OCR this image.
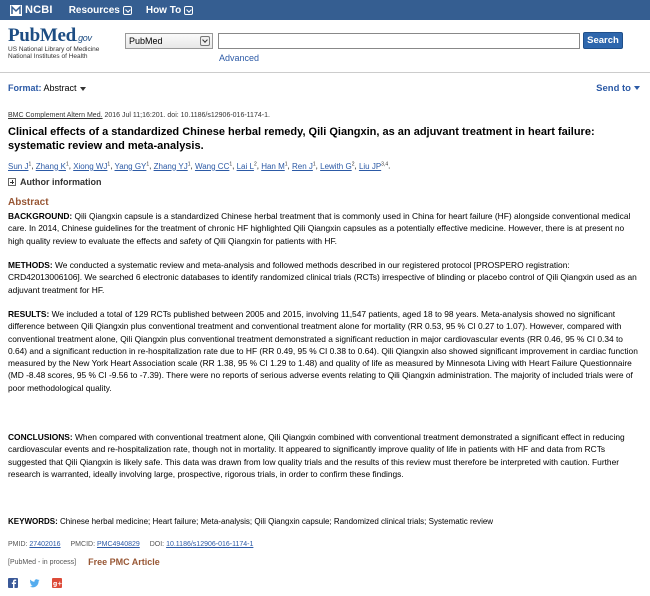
NCBI Resources	How To
PubMed.gov
US National Library of Medicine
National Institutes of Health
PubMed	Search
Advanced
Format: Abstract	Send to
BMC Complement Altern Med. 2016 Jul 11;16:201. doi: 10.1186/s12906-016-1174-1.
Clinical effects of a standardized Chinese herbal remedy, Qili Qiangxin, as an adjuvant treatment in heart failure: systematic review and meta-analysis.
Sun $J^1$, Zhang $K^1$, Xiong $WJ^1$, Yang $GY^1$, Zhang $YJ^1$, Wang $CC^1$, Lai $L^2$, Han $M^1$, Ren $J^1$, Lewith $G^2$, Liu JP$^{3,4}$.
Author information
Abstract
BACKGROUND: Qili Qiangxin capsule is a standardized Chinese herbal treatment that is commonly used in China for heart failure (HF) alongside conventional medical care. In 2014, Chinese guidelines for the treatment of chronic HF highlighted Qili Qiangxin capsules as a potentially effective medicine. However, there is at present no high quality review to evaluate the effects and safety of Qili Qiangxin for patients with HF.
METHODS: We conducted a systematic review and meta-analysis and followed methods described in our registered protocol [PROSPERO registration: CRD42013006106]. We searched 6 electronic databases to identify randomized clinical trials (RCTs) irrespective of blinding or placebo control of Qili Qiangxin used as an adjuvant treatment for HF.
RESULTS: We included a total of 129 RCTs published between 2005 and 2015, involving 11,547 patients, aged 18 to 98 years. Meta-analysis showed no significant difference between Qili Qiangxin plus conventional treatment and conventional treatment alone for mortality (RR 0.53, 95 % CI 0.27 to 1.07). However, compared with conventional treatment alone, Qili Qiangxin plus conventional treatment demonstrated a significant reduction in major cardiovascular events (RR 0.46, 95 % CI 0.34 to 0.64) and a significant reduction in re-hospitalization rate due to HF (RR 0.49, 95 % CI 0.38 to 0.64). Qili Qiangxin also showed significant improvement in cardiac function measured by the New York Heart Association scale (RR 1.38, 95 % CI 1.29 to 1.48) and quality of life as measured by Minnesota Living with Heart Failure Questionnaire (MD -8.48 scores, 95 % CI -9.56 to -7.39). There were no reports of serious adverse events relating to Qili Qiangxin administration. The majority of included trials were of poor methodological quality.
CONCLUSIONS: When compared with conventional treatment alone, Qili Qiangxin combined with conventional treatment demonstrated a significant effect in reducing cardiovascular events and re-hospitalization rate, though not in mortality. It appeared to significantly improve quality of life in patients with HF and data from RCTs suggested that Qili Qiangxin is likely safe. This data was drawn from low quality trials and the results of this review must therefore be interpreted with caution. Further research is warranted, ideally involving large, prospective, rigorous trials, in order to confirm these findings.
KEYWORDS: Chinese herbal medicine; Heart failure; Meta-analysis; Qili Qiangxin capsule; Randomized clinical trials; Systematic review
PMID: 27402016 PMCID: PMC4940829 DOI: 10.1186/s12906-016-1174-1
[PubMed - in process] Free PMC Article
g+
